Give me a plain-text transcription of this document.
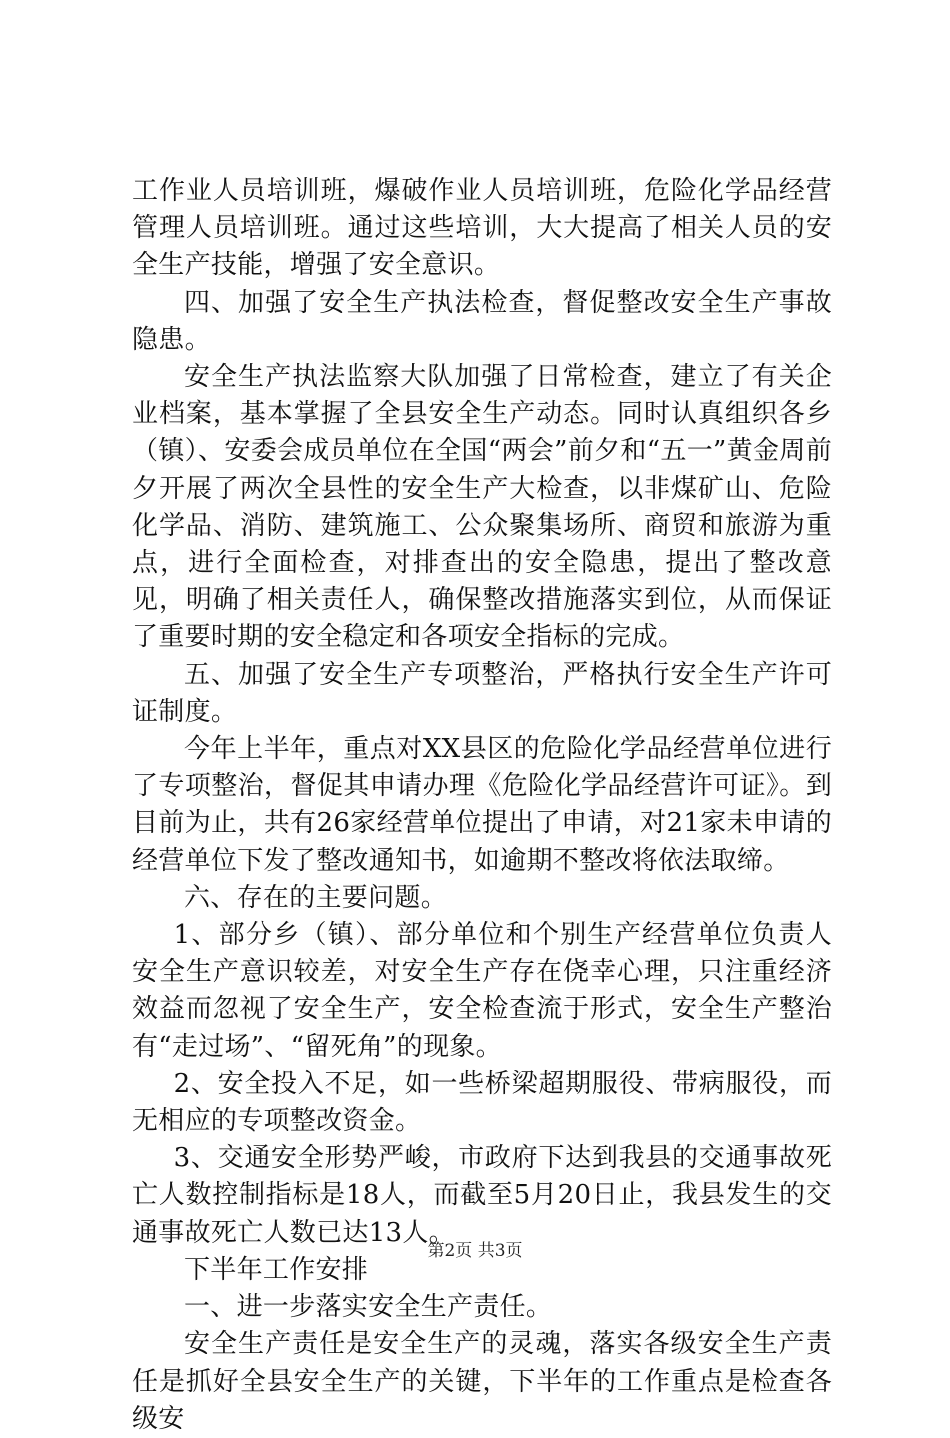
工作业人员培训班，爆破作业人员培训班，危险化学品经营管理人员培训班。通过这些培训，大大提高了相关人员的安全生产技能，增强了安全意识。

四、加强了安全生产执法检查，督促整改安全生产事故隐患。

安全生产执法监察大队加强了日常检查，建立了有关企业档案，基本掌握了全县安全生产动态。同时认真组织各乡（镇）、安委会成员单位在全国“两会”前夕和“五一”黄金周前夕开展了两次全县性的安全生产大检查，以非煤矿山、危险化学品、消防、建筑施工、公众聚集场所、商贸和旅游为重点，进行全面检查，对排查出的安全隐患，提出了整改意见，明确了相关责任人，确保整改措施落实到位，从而保证了重要时期的安全稳定和各项安全指标的完成。

五、加强了安全生产专项整治，严格执行安全生产许可证制度。

今年上半年，重点对XX县区的危险化学品经营单位进行了专项整治，督促其申请办理《危险化学品经营许可证》。到目前为止，共有26家经营单位提出了申请，对21家未申请的经营单位下发了整改通知书，如逾期不整改将依法取缔。

六、存在的主要问题。

1、部分乡（镇）、部分单位和个别生产经营单位负责人安全生产意识较差，对安全生产存在侥幸心理，只注重经济效益而忽视了安全生产，安全检查流于形式，安全生产整治有“走过场”、“留死角”的现象。

2、安全投入不足，如一些桥梁超期服役、带病服役，而无相应的专项整改资金。

3、交通安全形势严峻，市政府下达到我县的交通事故死亡人数控制指标是18人，而截至5月20日止，我县发生的交通事故死亡人数已达13人。

下半年工作安排

一、进一步落实安全生产责任。

安全生产责任是安全生产的灵魂，落实各级安全生产责任是抓好全县安全生产的关键，下半年的工作重点是检查各级安

第2页 共3页
